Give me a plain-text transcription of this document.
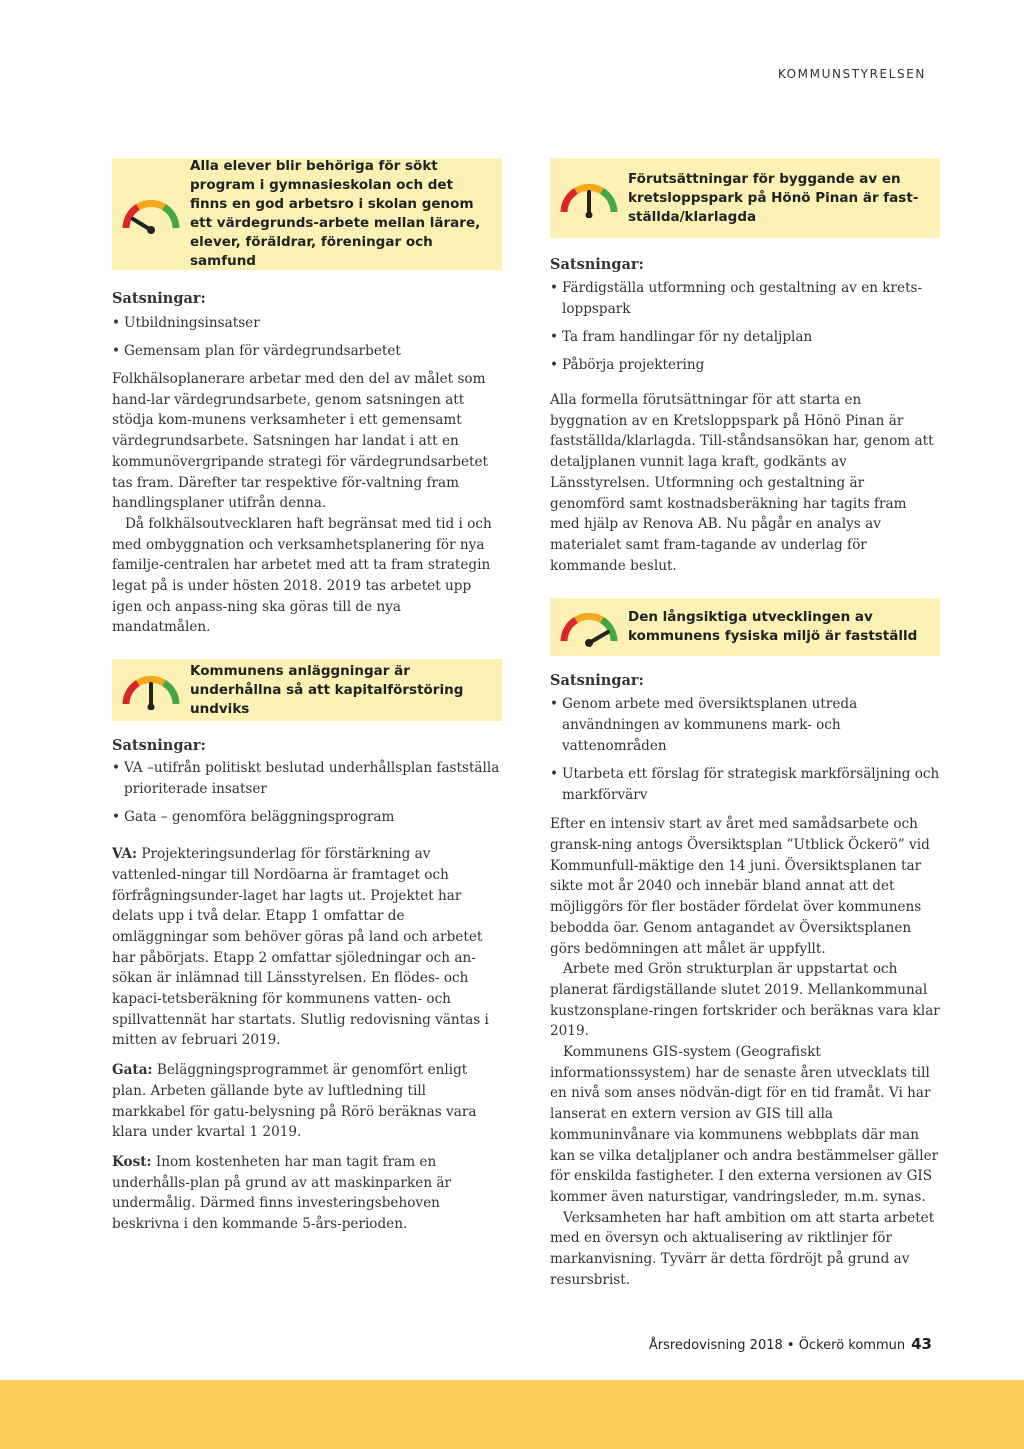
KOMMUNSTYRELSEN
Alla elever blir behöriga för sökt program i gymnasieskolan och det finns en god arbetsro i skolan genom ett värdegrunds-arbete mellan lärare, elever, föräldrar, föreningar och samfund
Satsningar:
• Utbildningsinsatser
• Gemensam plan för värdegrundsarbetet

Folkhälsoplanerare arbetar med den del av målet som hand-lar värdegrundsarbete, genom satsningen att stödja kom-munens verksamheter i ett gemensamt värdegrundsarbete. Satsningen har landat i att en kommunövergripande strategi för värdegrundsarbetet tas fram. Därefter tar respektive för-valtning fram handlingsplaner utifrån denna.

Då folkhälsoutvecklaren haft begränsat med tid i och med ombyggnation och verksamhetsplanering för nya familje-centralen har arbetet med att ta fram strategin legat på is under hösten 2018. 2019 tas arbetet upp igen och anpass-ning ska göras till de nya mandatmålen.

Kommunens anläggningar är underhållna så att kapitalförstöring undviks
Satsningar:
• VA –utifrån politiskt beslutad underhållsplan fastställa prioriterade insatser
• Gata – genomföra beläggningsprogram

VA: Projekteringsunderlag för förstärkning av vattenled-ningar till Nordöarna är framtaget och förfrågningsunder-laget har lagts ut. Projektet har delats upp i två delar. Etapp 1 omfattar de omläggningar som behöver göras på land och arbetet har påbörjats. Etapp 2 omfattar sjöledningar och an-sökan är inlämnad till Länsstyrelsen. En flödes- och kapaci-tetsberäkning för kommunens vatten- och spillvattennät har startats. Slutlig redovisning väntas i mitten av februari 2019.

Gata: Beläggningsprogrammet är genomfört enligt plan. Arbeten gällande byte av luftledning till markkabel för gatu-belysning på Rörö beräknas vara klara under kvartal 1 2019.

Kost: Inom kostenheten har man tagit fram en underhålls-plan på grund av att maskinparken är undermålig. Därmed finns investeringsbehoven beskrivna i den kommande 5-års-perioden.

Förutsättningar för byggande av en kretsloppspark på Hönö Pinan är fast-ställda/klarlagda
Satsningar:
• Färdigställa utformning och gestaltning av en krets-loppspark
• Ta fram handlingar för ny detaljplan
• Påbörja projektering

Alla formella förutsättningar för att starta en byggnation av en Kretsloppspark på Hönö Pinan är fastställda/klarlagda. Till-ståndsansökan har, genom att detaljplanen vunnit laga kraft, godkänts av Länsstyrelsen. Utformning och gestaltning är genomförd samt kostnadsberäkning har tagits fram med hjälp av Renova AB. Nu pågår en analys av materialet samt fram-tagande av underlag för kommande beslut.

Den långsiktiga utvecklingen av kommunens fysiska miljö är fastställd
Satsningar:
• Genom arbete med översiktsplanen utreda användningen av kommunens mark- och vattenområden
• Utarbeta ett förslag för strategisk markförsäljning och markförvärv

Efter en intensiv start av året med samådsarbete och gransk-ning antogs Översiktsplan ”Utblick Öckerö” vid Kommunfull-mäktige den 14 juni. Översiktsplanen tar sikte mot år 2040 och innebär bland annat att det möjliggörs för fler bostäder fördelat över kommunens bebodda öar. Genom antagandet av Översiktsplanen görs bedömningen att målet är uppfyllt.

Arbete med Grön strukturplan är uppstartat och planerat färdigställande slutet 2019. Mellankommunal kustzonsplane-ringen fortskrider och beräknas vara klar 2019.

Kommunens GIS-system (Geografiskt informationssystem) har de senaste åren utvecklats till en nivå som anses nödvän-digt för en tid framåt. Vi har lanserat en extern version av GIS till alla kommuninvånare via kommunens webbplats där man kan se vilka detaljplaner och andra bestämmelser gäller för enskilda fastigheter. I den externa versionen av GIS kommer även naturstigar, vandringsleder, m.m. synas.

Verksamheten har haft ambition om att starta arbetet med en översyn och aktualisering av riktlinjer för markanvisning. Tyvärr är detta fördröjt på grund av resursbrist.

Årsredovisning 2018 • Öckerö kommun 43
